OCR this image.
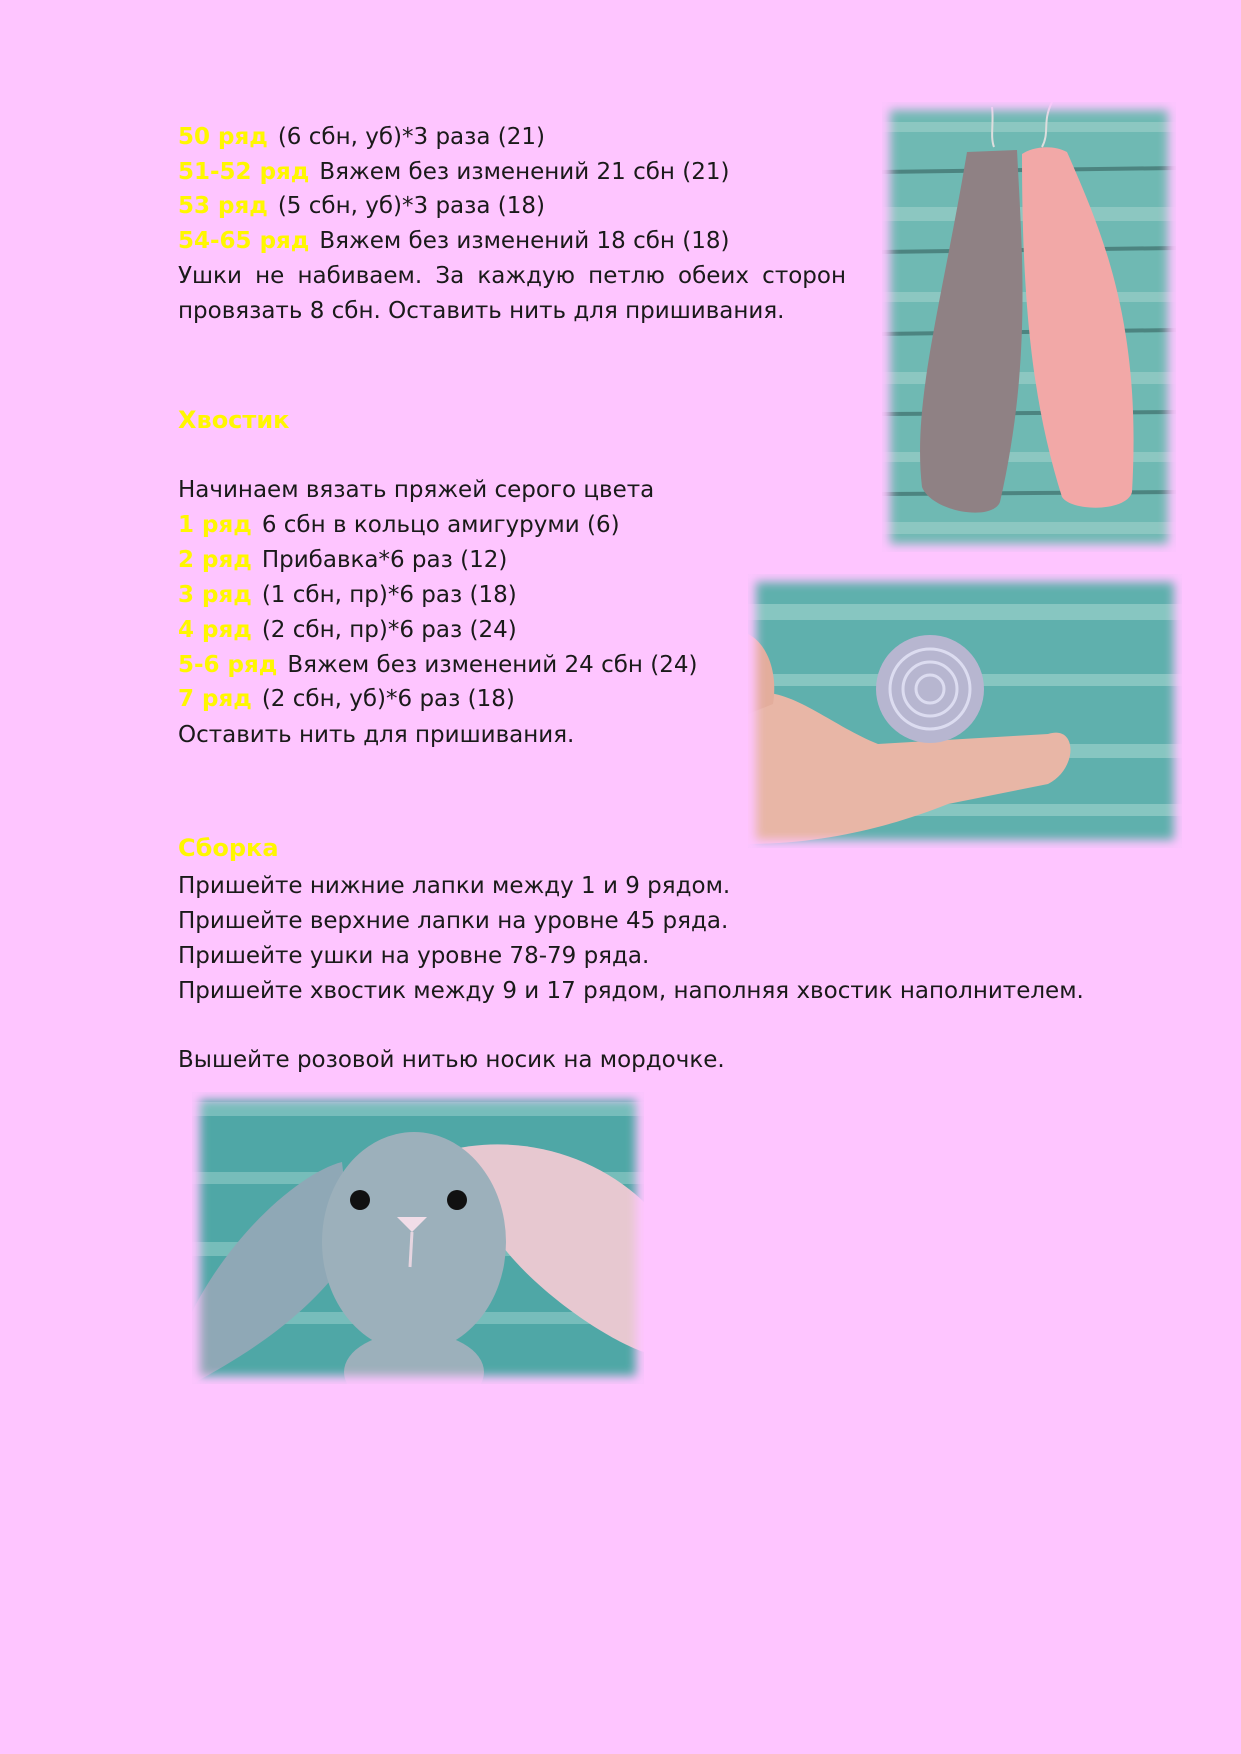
50 ряд (6 сбн, уб)*3 раза (21)
51-52 ряд Вяжем без изменений 21 сбн (21)
53 ряд (5 сбн, уб)*3 раза (18)
54-65 ряд Вяжем без изменений 18 сбн (18)
Ушки не набиваем. За каждую петлю обеих сторон
провязать 8 сбн. Оставить нить для пришивания.
Хвостик
Начинаем вязать пряжей серого цвета
1 ряд 6 сбн в кольцо амигуруми (6)
2 ряд Прибавка*6 раз (12)
3 ряд (1 сбн, пр)*6 раз (18)
4 ряд (2 сбн, пр)*6 раз (24)
5-6 ряд Вяжем без изменений 24 сбн (24)
7 ряд (2 сбн, уб)*6 раз (18)
Оставить нить для пришивания.
Сборка
Пришейте нижние лапки между 1 и 9 рядом.
Пришейте верхние лапки на уровне 45 ряда.
Пришейте ушки на уровне 78-79 ряда.
Пришейте хвостик между 9 и 17 рядом, наполняя хвостик наполнителем.
Вышейте розовой нитью носик на мордочке.
